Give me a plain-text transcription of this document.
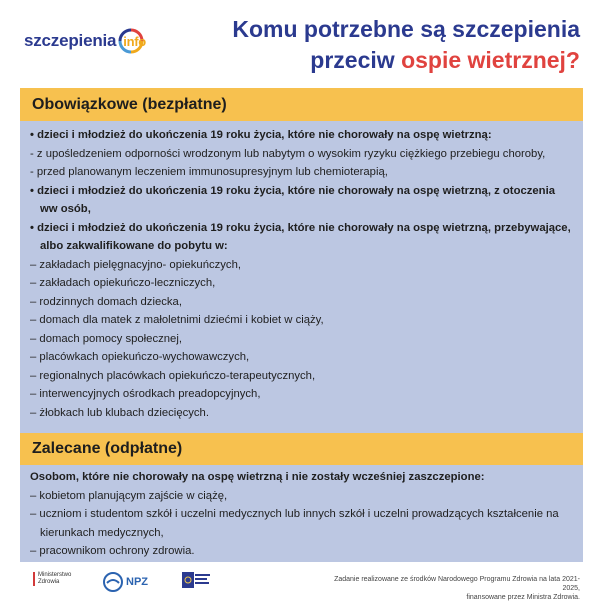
szczepienia info	Komu potrzebne są szczepienia
przeciw ospie wietrznej?
Obowiązkowe (bezpłatne)
• dzieci i młodzież do ukończenia 19 roku życia, które nie chorowały na ospę wietrzną:
- z upośledzeniem odporności wrodzonym lub nabytym o wysokim ryzyku ciężkiego przebiegu choroby,
- przed planowanym leczeniem immunosupresyjnym lub chemioterapią,
• dzieci i młodzież do ukończenia 19 roku życia, które nie chorowały na ospę wietrzną, z otoczenia ww osób,
• dzieci i młodzież do ukończenia 19 roku życia, które nie chorowały na ospę wietrzną, przebywające, albo zakwalifikowane do pobytu w:
– zakładach pielęgnacyjno- opiekuńczych,
– zakładach opiekuńczo-leczniczych,
– rodzinnych domach dziecka,
– domach dla matek z małoletnimi dziećmi i kobiet w ciąży,
– domach pomocy społecznej,
– placówkach opiekuńczo-wychowawczych,
– regionalnych placówkach opiekuńczo-terapeutycznych,
– interwencyjnych ośrodkach preadopcyjnych,
– żłobkach lub klubach dziecięcych.
Zalecane (odpłatne)
Osobom, które nie chorowały na ospę wietrzną i nie zostały wcześniej zaszczepione:
– kobietom planującym zajście w ciążę,
– uczniom i studentom szkół i uczelni medycznych lub innych szkół i uczelni prowadzących kształcenie na kierunkach medycznych,
– pracownikom ochrony zdrowia.
Ministerstwo
Zdrowia	NPZ	Zadanie realizowane ze środków Narodowego Programu Zdrowia na lata 2021-2025,
finansowane przez Ministra Zdrowia.
